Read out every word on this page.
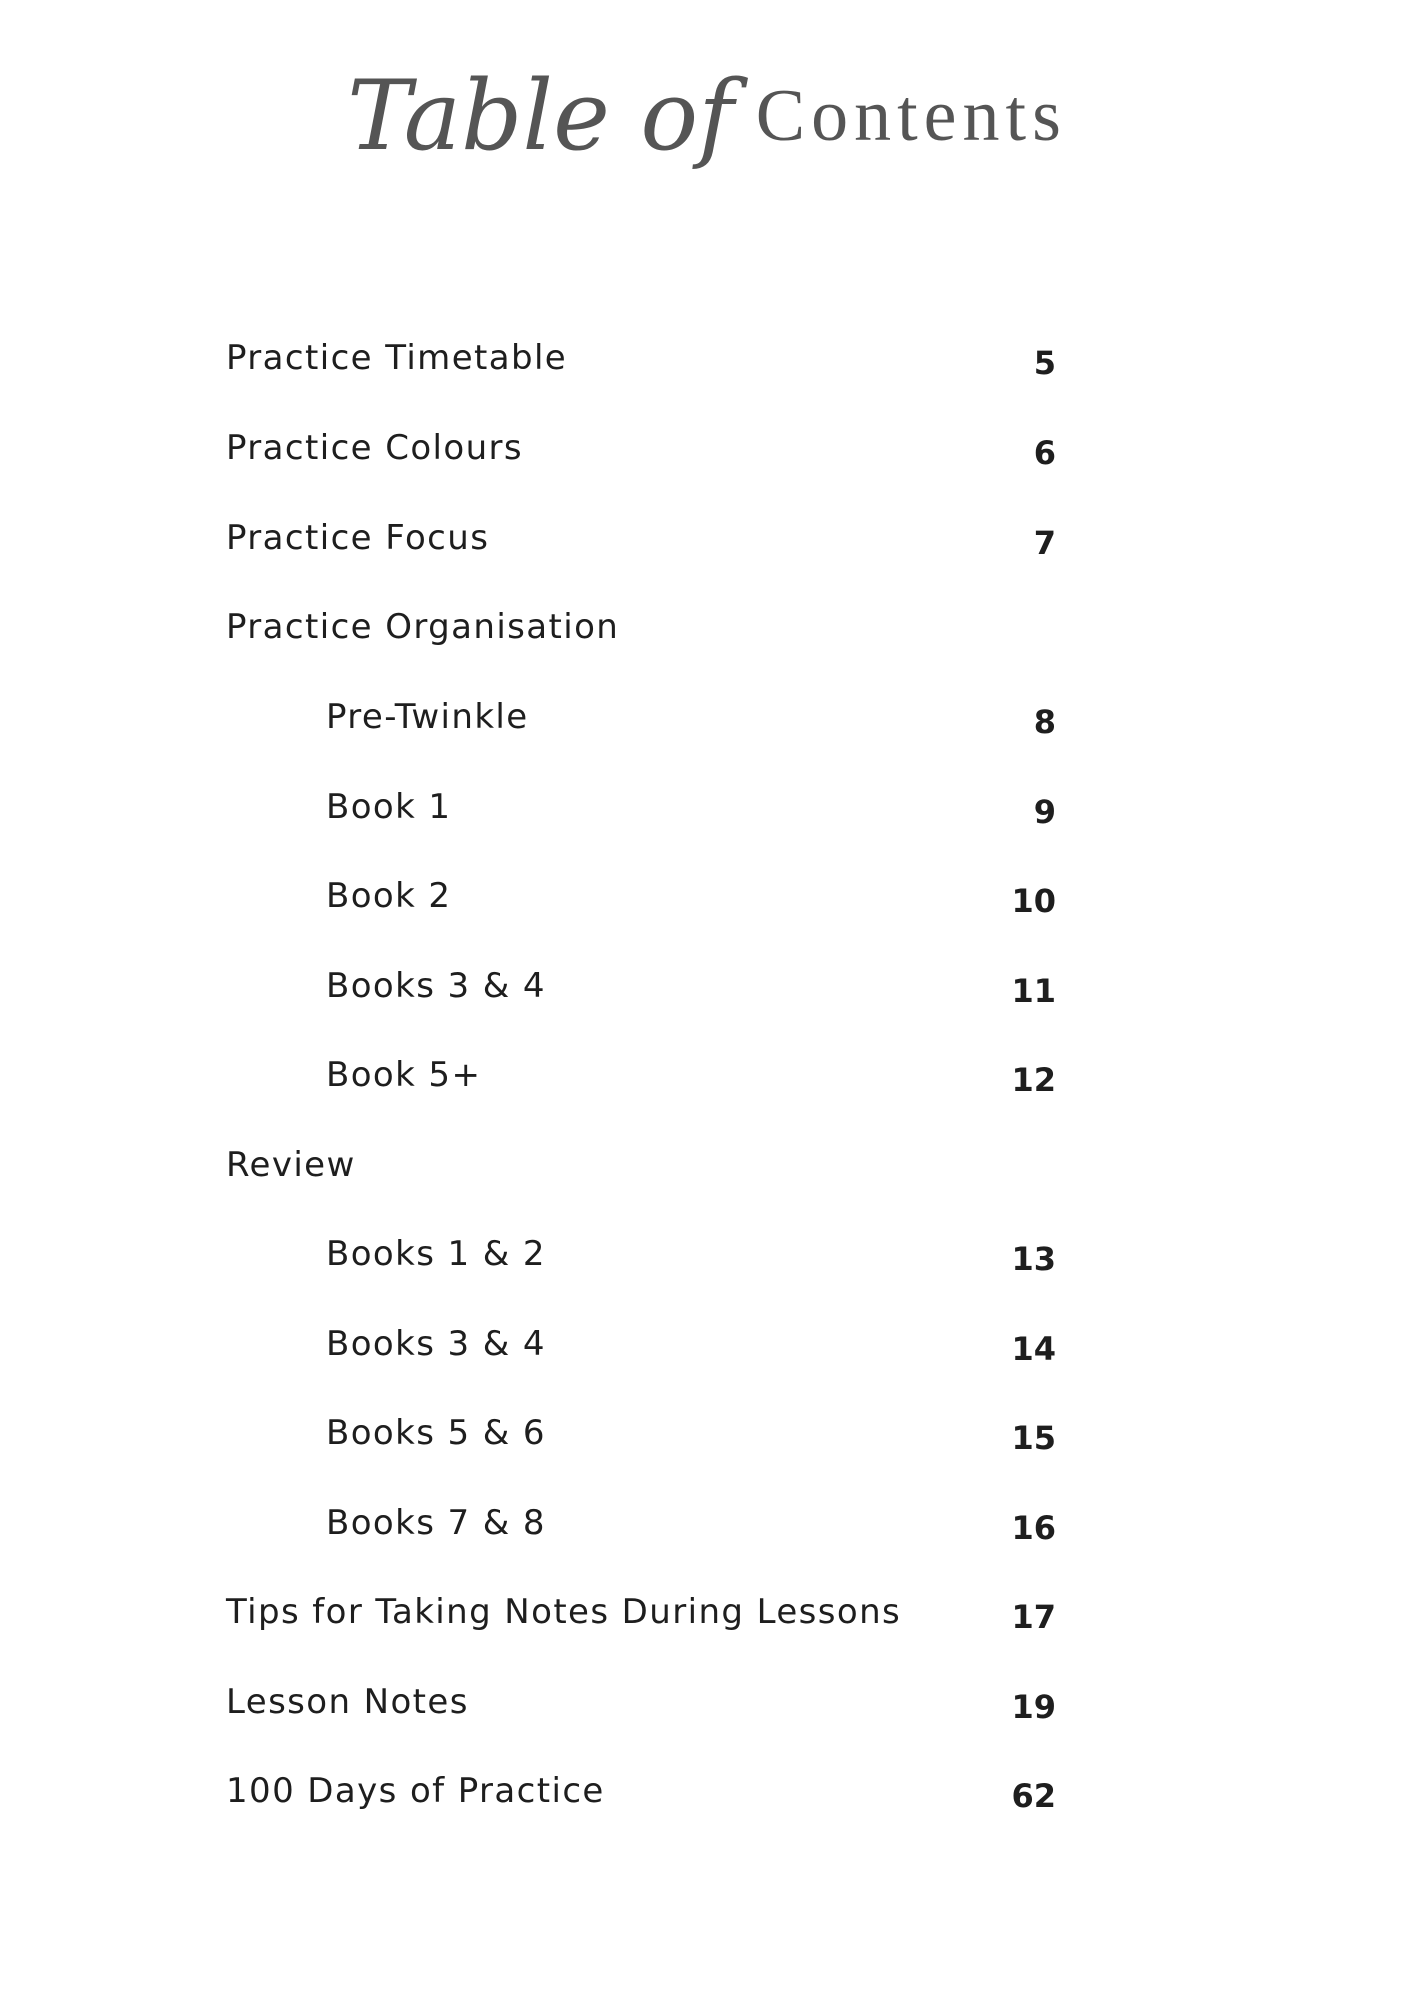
Table of Contents
Practice Timetable	5
Practice Colours	6
Practice Focus	7
Practice Organisation
Pre-Twinkle	8
Book 1	9
Book 2	10
Books 3 & 4	11
Book 5+	12
Review
Books 1 & 2	13
Books 3 & 4	14
Books 5 & 6	15
Books 7 & 8	16
Tips for Taking Notes During Lessons	17
Lesson Notes	19
100 Days of Practice	62
